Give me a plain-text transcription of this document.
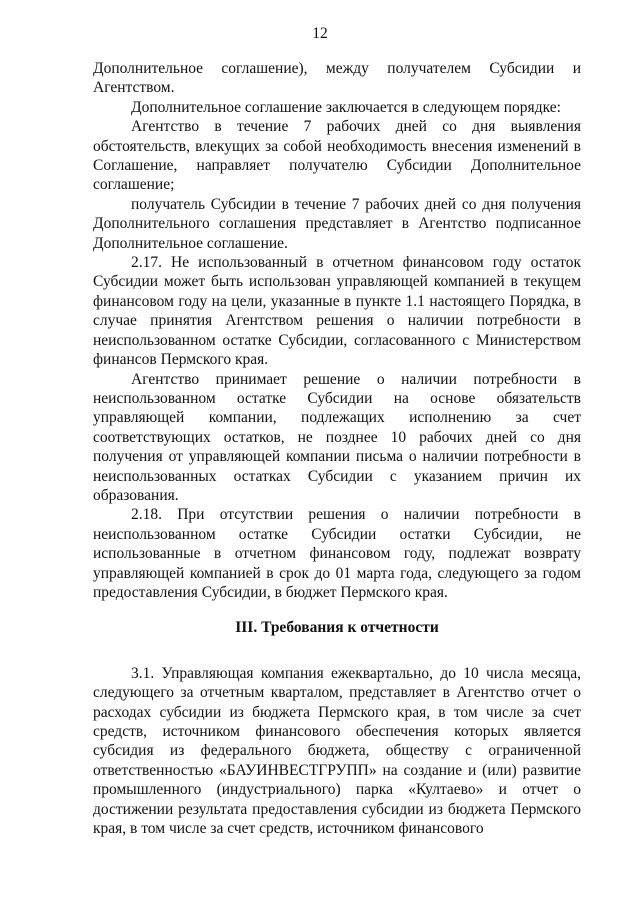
12

Дополнительное соглашение), между получателем Субсидии и Агентством.

Дополнительное соглашение заключается в следующем порядке:

Агентство в течение 7 рабочих дней со дня выявления обстоятельств, влекущих за собой необходимость внесения изменений в Соглашение, направляет получателю Субсидии Дополнительное соглашение;

получатель Субсидии в течение 7 рабочих дней со дня получения Дополнительного соглашения представляет в Агентство подписанное Дополнительное соглашение.

2.17. Не использованный в отчетном финансовом году остаток Субсидии может быть использован управляющей компанией в текущем финансовом году на цели, указанные в пункте 1.1 настоящего Порядка, в случае принятия Агентством решения о наличии потребности в неиспользованном остатке Субсидии, согласованного с Министерством финансов Пермского края.

Агентство принимает решение о наличии потребности в неиспользованном остатке Субсидии на основе обязательств управляющей компании, подлежащих исполнению за счет соответствующих остатков, не позднее 10 рабочих дней со дня получения от управляющей компании письма о наличии потребности в неиспользованных остатках Субсидии с указанием причин их образования.

2.18. При отсутствии решения о наличии потребности в неиспользованном остатке Субсидии остатки Субсидии, не использованные в отчетном финансовом году, подлежат возврату управляющей компанией в срок до 01 марта года, следующего за годом предоставления Субсидии, в бюджет Пермского края.

III. Требования к отчетности

3.1. Управляющая компания ежеквартально, до 10 числа месяца, следующего за отчетным кварталом, представляет в Агентство отчет о расходах субсидии из бюджета Пермского края, в том числе за счет средств, источником финансового обеспечения которых является субсидия из федерального бюджета, обществу с ограниченной ответственностью «БАУИНВЕСТГРУПП» на создание и (или) развитие промышленного (индустриального) парка «Култаево» и отчет о достижении результата предоставления субсидии из бюджета Пермского края, в том числе за счет средств, источником финансового
